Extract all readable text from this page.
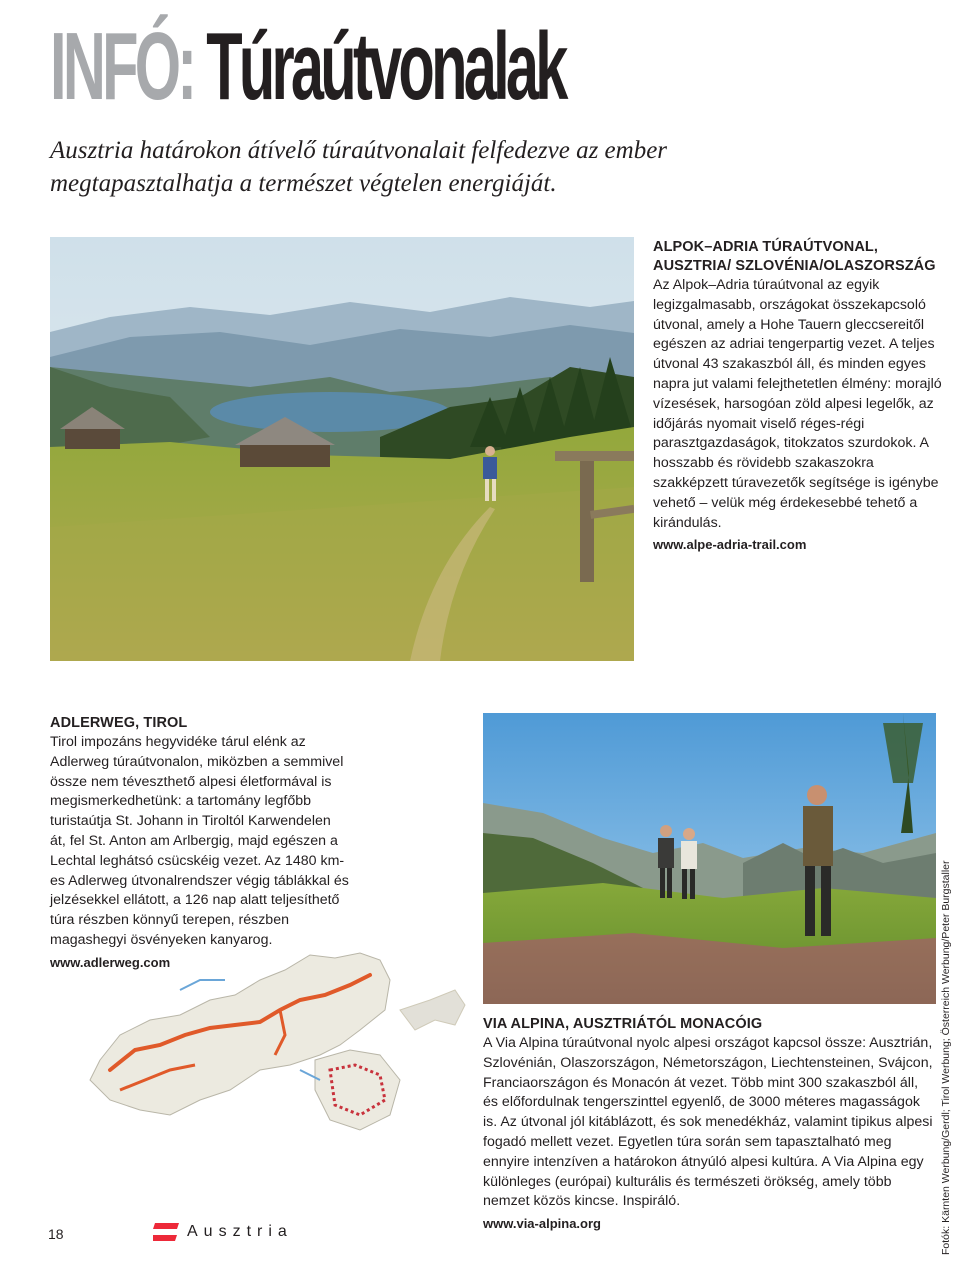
INFÓ: Túraútvonalak

Ausztria határokon átívelő túraútvonalait felfedezve az ember megtapasztalhatja a természet végtelen energiáját.

ALPOK–ADRIA TÚRAÚTVONAL, AUSZTRIA/ SZLOVÉNIA/OLASZORSZÁG

Az Alpok–Adria túraútvonal az egyik legizgalmasabb, országokat összekapcsoló útvonal, amely a Hohe Tauern gleccsereitől egészen az adriai tengerpartig vezet. A teljes útvonal 43 szakaszból áll, és minden egyes napra jut valami felejthetetlen élmény: morajló vízesések, harsogóan zöld alpesi legelők, az időjárás nyomait viselő réges-régi parasztgazdaságok, titokzatos szurdokok. A hosszabb és rövidebb szakaszokra szakképzett túravezetők segítsége is igénybe vehető – velük még érdekesebbé tehető a kirándulás.

www.alpe-adria-trail.com
ADLERWEG, TIROL

Tirol impozáns hegyvidéke tárul elénk az Adlerweg túraútvonalon, miközben a semmivel össze nem téveszthető alpesi életformával is megismerkedhetünk: a tartomány legfőbb turistaútja St. Johann in Tiroltól Karwendelen át, fel St. Anton am Arlbergig, majd egészen a Lechtal leghátsó csücskéig vezet. Az 1480 km-es Adlerweg útvonalrendszer végig táblákkal és jelzésekkel ellátott, a 126 nap alatt teljesíthető túra részben könnyű terepen, részben magashegyi ösvényeken kanyarog.

www.adlerweg.com
VIA ALPINA, AUSZTRIÁTÓL MONACÓIG

A Via Alpina túraútvonal nyolc alpesi országot kapcsol össze: Ausztrián, Szlovénián, Olaszországon, Németországon, Liechtensteinen, Svájcon, Franciaországon és Monacón át vezet. Több mint 300 szakaszból áll, és előfordulnak tengerszinttel egyenlő, de 3000 méteres magasságok is. Az útvonal jól kitáblázott, és sok menedékház, valamint tipikus alpesi fogadó mellett vezet. Egyetlen túra során sem tapasztalható meg ennyire intenzíven a határokon átnyúló alpesi kultúra. A Via Alpina egy különleges (európai) kulturális és természeti örökség, amely több nemzet közös kincse. Inspiráló.

www.via-alpina.org	Fotók: Kärnten Werbung/Gerdl; Tirol Werbung; Österreich Werbung/Peter Burgstaller
18	Ausztria
